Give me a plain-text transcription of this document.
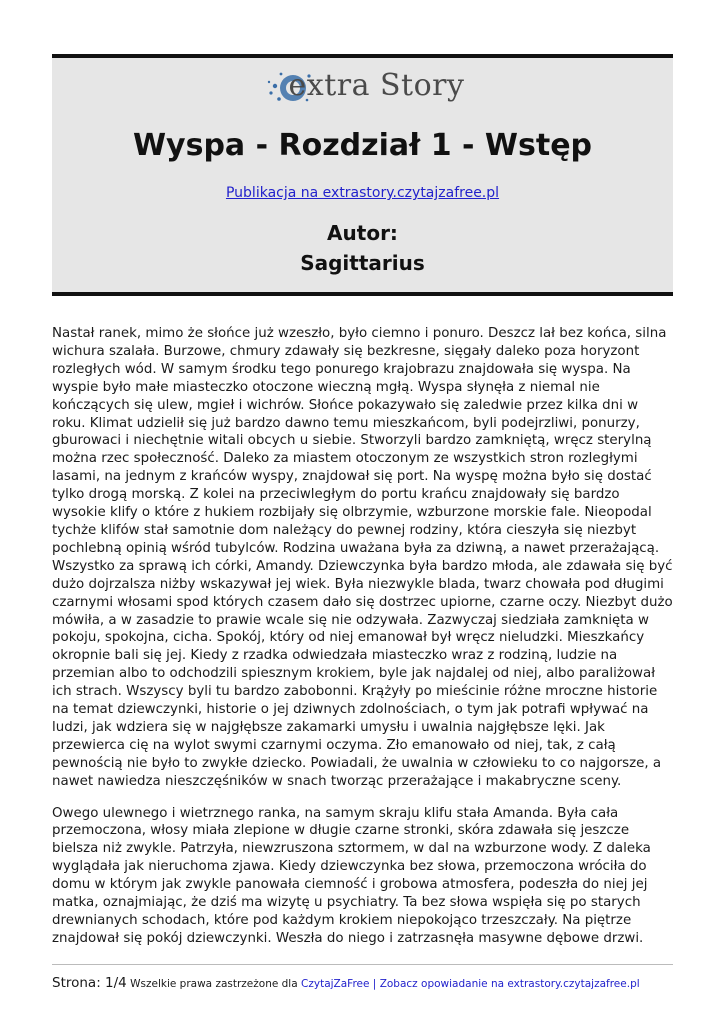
extra Story
Wyspa - Rozdział 1 - Wstęp
Publikacja na extrastory.czytajzafree.pl
Autor:
Sagittarius

Nastał ranek, mimo że słońce już wzeszło, było ciemno i ponuro. Deszcz lał bez końca, silna wichura szalała. Burzowe, chmury zdawały się bezkresne, sięgały daleko poza horyzont rozległych wód. W samym środku tego ponurego krajobrazu znajdowała się wyspa. Na wyspie było małe miasteczko otoczone wieczną mgłą. Wyspa słynęła z niemal nie kończących się ulew, mgieł i wichrów. Słońce pokazywało się zaledwie przez kilka dni w roku. Klimat udzielił się już bardzo dawno temu mieszkańcom, byli podejrzliwi, ponurzy, gburowaci i niechętnie witali obcych u siebie. Stworzyli bardzo zamkniętą, wręcz sterylną można rzec społeczność. Daleko za miastem otoczonym ze wszystkich stron rozległymi lasami, na jednym z krańców wyspy, znajdował się port. Na wyspę można było się dostać tylko drogą morską. Z kolei na przeciwległym do portu krańcu znajdowały się bardzo wysokie klify o które z hukiem rozbijały się olbrzymie, wzburzone morskie fale. Nieopodal tychże klifów stał samotnie dom należący do pewnej rodziny, która cieszyła się niezbyt pochlebną opinią wśród tubylców. Rodzina uważana była za dziwną, a nawet przerażającą. Wszystko za sprawą ich córki, Amandy. Dziewczynka była bardzo młoda, ale zdawała się być dużo dojrzalsza niżby wskazywał jej wiek. Była niezwykle blada, twarz chowała pod długimi czarnymi włosami spod których czasem dało się dostrzec upiorne, czarne oczy. Niezbyt dużo mówiła, a w zasadzie to prawie wcale się nie odzywała. Zazwyczaj siedziała zamknięta w pokoju, spokojna, cicha. Spokój, który od niej emanował był wręcz nieludzki. Mieszkańcy okropnie bali się jej. Kiedy z rzadka odwiedzała miasteczko wraz z rodziną, ludzie na przemian albo to odchodzili spiesznym krokiem, byle jak najdalej od niej, albo paraliżował ich strach. Wszyscy byli tu bardzo zabobonni. Krążyły po mieścinie różne mroczne historie na temat dziewczynki, historie o jej dziwnych zdolnościach, o tym jak potrafi wpływać na ludzi, jak wdziera się w najgłębsze zakamarki umysłu i uwalnia najgłębsze lęki. Jak przewierca cię na wylot swymi czarnymi oczyma. Zło emanowało od niej, tak, z całą pewnością nie było to zwykłe dziecko. Powiadali, że uwalnia w człowieku to co najgorsze, a nawet nawiedza nieszczęśników w snach tworząc przerażające i makabryczne sceny.

Owego ulewnego i wietrznego ranka, na samym skraju klifu stała Amanda. Była cała przemoczona, włosy miała zlepione w długie czarne stronki, skóra zdawała się jeszcze bielsza niż zwykle. Patrzyła, niewzruszona sztormem, w dal na wzburzone wody. Z daleka wyglądała jak nieruchoma zjawa. Kiedy dziewczynka bez słowa, przemoczona wróciła do domu w którym jak zwykle panowała ciemność i grobowa atmosfera, podeszła do niej jej matka, oznajmiając, że dziś ma wizytę u psychiatry. Ta bez słowa wspięła się po starych drewnianych schodach, które pod każdym krokiem niepokojąco trzeszczały. Na piętrze znajdował się pokój dziewczynki. Weszła do niego i zatrzasnęła masywne dębowe drzwi.

Strona: 1/4 Wszelkie prawa zastrzeżone dla CzytajZaFree | Zobacz opowiadanie na extrastory.czytajzafree.pl
